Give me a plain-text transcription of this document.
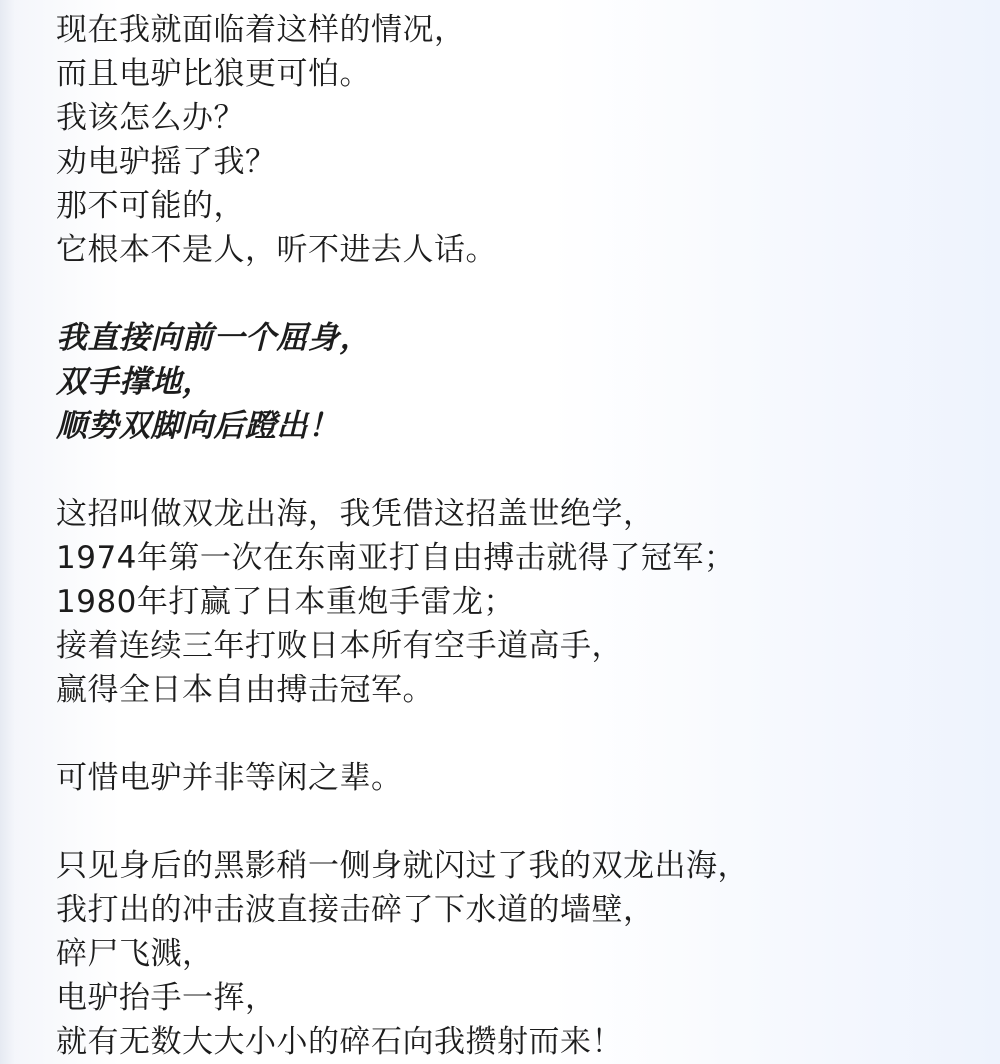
现在我就面临着这样的情况，
而且电驴比狼更可怕。
我该怎么办？
劝电驴摇了我？
那不可能的，
它根本不是人，听不进去人话。
我直接向前一个屈身，
双手撑地，
顺势双脚向后蹬出！
这招叫做双龙出海，我凭借这招盖世绝学，
1974年第一次在东南亚打自由搏击就得了冠军；
1980年打赢了日本重炮手雷龙；
接着连续三年打败日本所有空手道高手，
赢得全日本自由搏击冠军。
可惜电驴并非等闲之辈。
只见身后的黑影稍一侧身就闪过了我的双龙出海，
我打出的冲击波直接击碎了下水道的墙壁，
碎尸飞溅，
电驴抬手一挥，
就有无数大大小小的碎石向我攒射而来！
